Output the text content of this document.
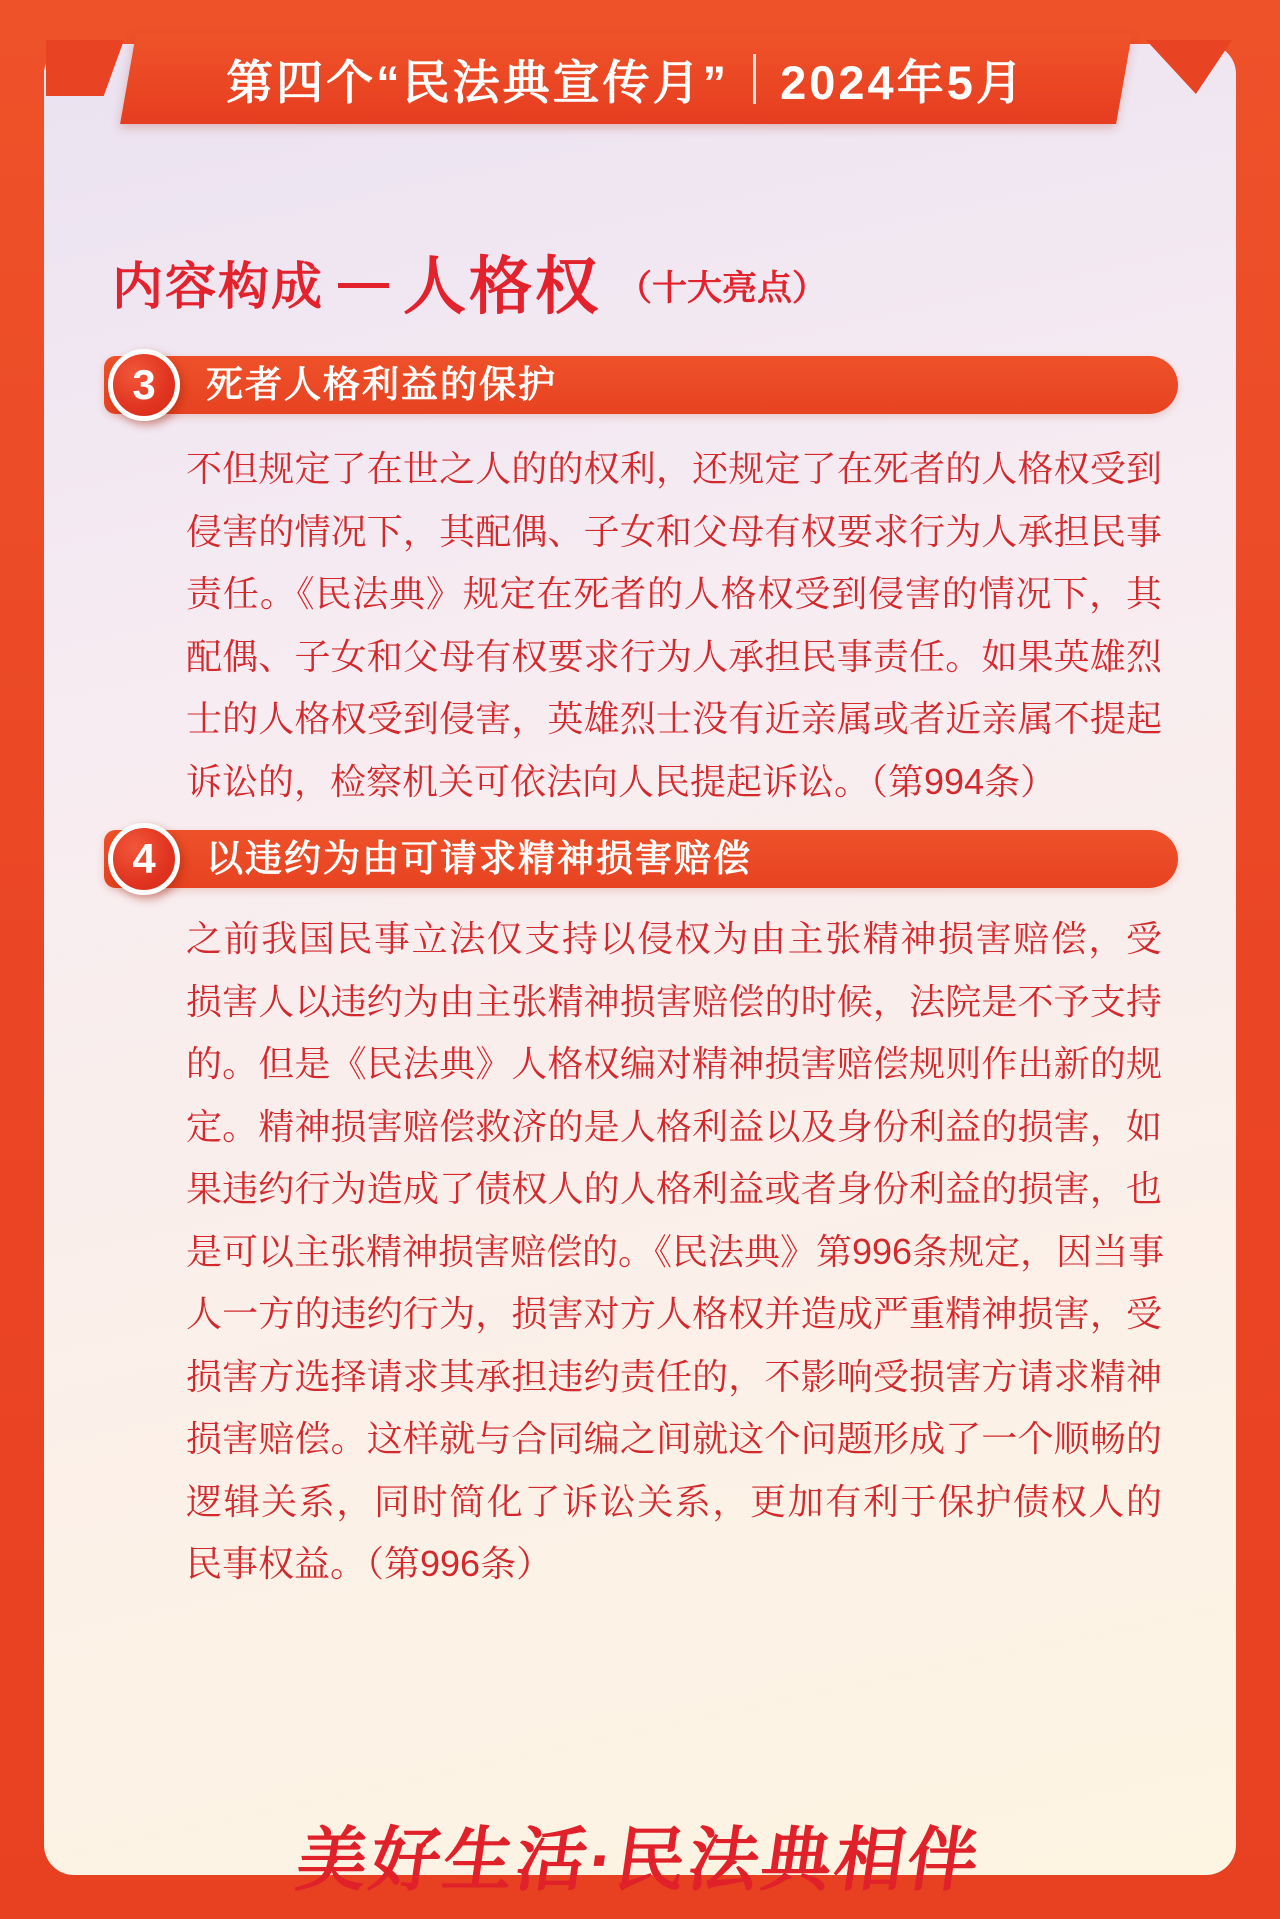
第四个“民法典宣传月” 2024年5月
内容构成 — 人格权 （十大亮点）
死者人格利益的保护
3
不但规定了在世之人的的权利，还规定了在死者的人格权受到
侵害的情况下，其配偶、子女和父母有权要求行为人承担民事
责任。《民法典》规定在死者的人格权受到侵害的情况下，其
配偶、子女和父母有权要求行为人承担民事责任。如果英雄烈
士的人格权受到侵害，英雄烈士没有近亲属或者近亲属不提起
诉讼的，检察机关可依法向人民提起诉讼。（第994条）
以违约为由可请求精神损害赔偿
4
之前我国民事立法仅支持以侵权为由主张精神损害赔偿，受
损害人以违约为由主张精神损害赔偿的时候，法院是不予支持
的。但是《民法典》人格权编对精神损害赔偿规则作出新的规
定。精神损害赔偿救济的是人格利益以及身份利益的损害，如
果违约行为造成了债权人的人格利益或者身份利益的损害，也
是可以主张精神损害赔偿的。《民法典》第996条规定，因当事
人一方的违约行为，损害对方人格权并造成严重精神损害，受
损害方选择请求其承担违约责任的，不影响受损害方请求精神
损害赔偿。这样就与合同编之间就这个问题形成了一个顺畅的
逻辑关系，同时简化了诉讼关系，更加有利于保护债权人的
民事权益。（第996条）
美好生活·民法典相伴
